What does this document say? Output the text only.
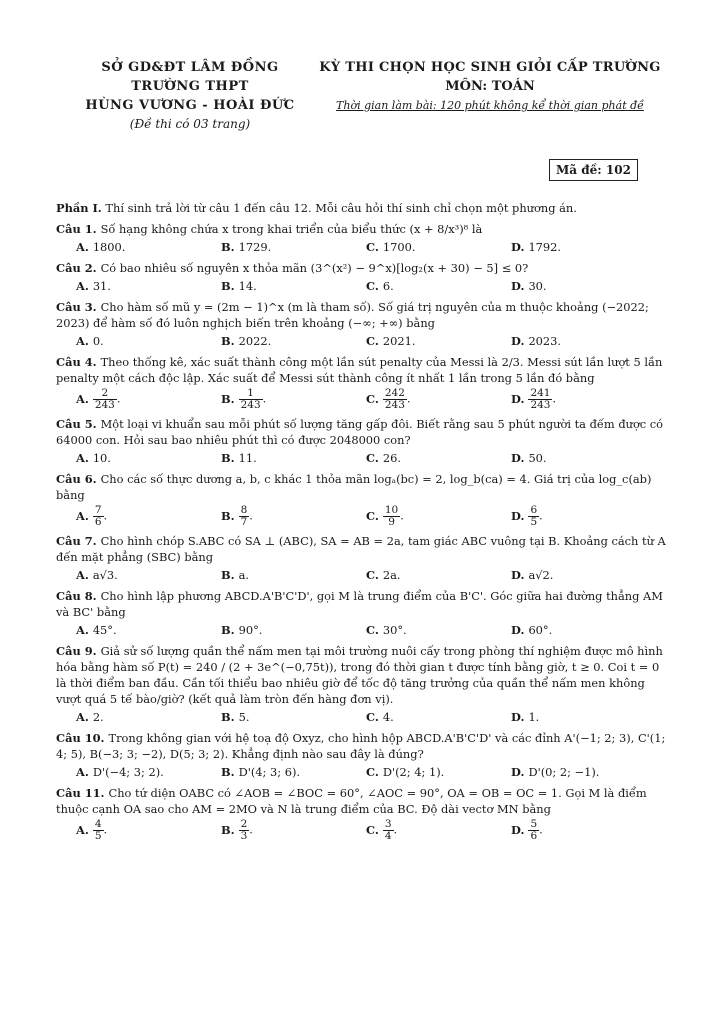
SỞ GD&ĐT LÂM ĐỒNG
TRƯỜNG THPT
HÙNG VƯƠNG - HOÀI ĐỨC
(Đề thi có 03 trang)
KỲ THI CHỌN HỌC SINH GIỎI CẤP TRƯỜNG
MÔN: TOÁN
Thời gian làm bài: 120 phút không kể thời gian phát đề
Mã đề: 102
Phần I. Thí sinh trả lời từ câu 1 đến câu 12. Mỗi câu hỏi thí sinh chỉ chọn một phương án.
Câu 1. Số hạng không chứa x trong khai triển của biểu thức (x + 8/x³)⁸ là
A. 1800.	B. 1729.	C. 1700.	D. 1792.
Câu 2. Có bao nhiêu số nguyên x thỏa mãn (3^(x²) − 9^x)[log₂(x + 30) − 5] ≤ 0?
A. 31.	B. 14.	C. 6.	D. 30.
Câu 3. Cho hàm số mũ y = (2m − 1)^x (m là tham số). Số giá trị nguyên của m thuộc khoảng (−2022; 2023) để hàm số đó luôn nghịch biến trên khoảng (−∞; +∞) bằng
A. 0.	B. 2022.	C. 2021.	D. 2023.
Câu 4. Theo thống kê, xác suất thành công một lần sút penalty của Messi là 2/3. Messi sút lần lượt 5 lần penalty một cách độc lập. Xác suất để Messi sút thành công ít nhất 1 lần trong 5 lần đó bằng
A. $\frac{2}{243}$ .	B. $\frac{1}{243}$ .	C. $\frac{242}{243}$ .	D. $\frac{241}{243}$ .
Câu 5. Một loại vi khuẩn sau mỗi phút số lượng tăng gấp đôi. Biết rằng sau 5 phút người ta đếm được có 64000 con. Hỏi sau bao nhiêu phút thì có được 2048000 con?
A. 10.	B. 11.	C. 26.	D. 50.
Câu 6. Cho các số thực dương a, b, c khác 1 thỏa mãn logₐ(bc) = 2, log_b(ca) = 4. Giá trị của log_c(ab) bằng
A. $\frac{7}{6}$ .	B. $\frac{8}{7}$ .	C. $\frac{10}{9}$ .	D. $\frac{6}{5}$ .
Câu 7. Cho hình chóp S.ABC có SA ⊥ (ABC), SA = AB = 2a, tam giác ABC vuông tại B. Khoảng cách từ A đến mặt phẳng (SBC) bằng
A. a√3.	B. a.	C. 2a.	D. a√2.
Câu 8. Cho hình lập phương ABCD.A'B'C'D', gọi M là trung điểm của B'C'. Góc giữa hai đường thẳng AM và BC' bằng
A. 45°.	B. 90°.	C. 30°.	D. 60°.
Câu 9. Giả sử số lượng quần thể nấm men tại môi trường nuôi cấy trong phòng thí nghiệm được mô hình hóa bằng hàm số P(t) = 240 / (2 + 3e^(−0,75t)), trong đó thời gian t được tính bằng giờ, t ≥ 0. Coi t = 0 là thời điểm ban đầu. Cần tối thiểu bao nhiêu giờ để tốc độ tăng trưởng của quần thể nấm men không vượt quá 5 tế bào/giờ? (kết quả làm tròn đến hàng đơn vị).
A. 2.	B. 5.	C. 4.	D. 1.
Câu 10. Trong không gian với hệ toạ độ Oxyz, cho hình hộp ABCD.A'B'C'D' và các đỉnh A'(−1; 2; 3), C'(1; 4; 5), B(−3; 3; −2), D(5; 3; 2). Khẳng định nào sau đây là đúng?
A. D'(−4; 3; 2).	B. D'(4; 3; 6).	C. D'(2; 4; 1).	D. D'(0; 2; −1).
Câu 11. Cho tứ diện OABC có ∠AOB = ∠BOC = 60°, ∠AOC = 90°, OA = OB = OC = 1. Gọi M là điểm thuộc cạnh OA sao cho AM = 2MO và N là trung điểm của BC. Độ dài vectơ MN bằng
A. $\frac{4}{5}$ .	B. $\frac{2}{3}$ .	C. $\frac{3}{4}$ .	D. $\frac{5}{6}$ .
